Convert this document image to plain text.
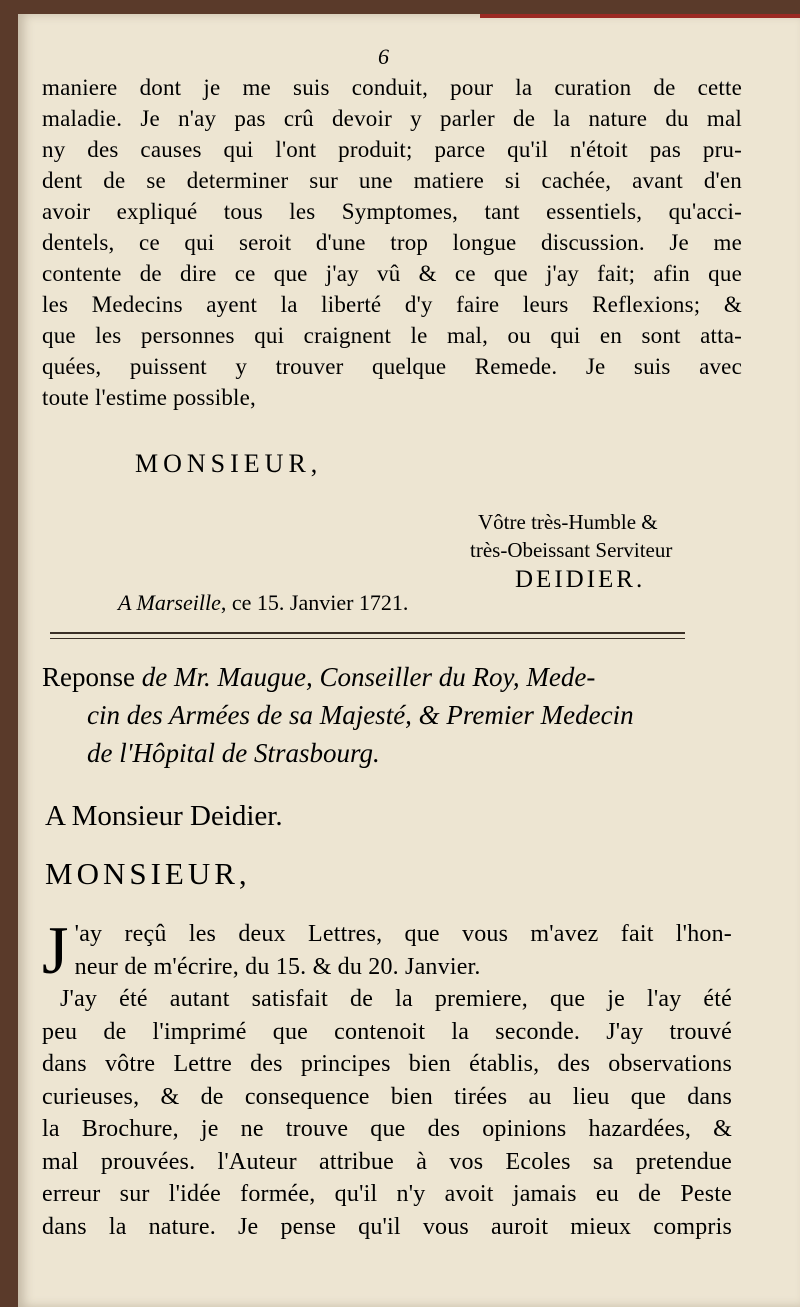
6
maniere dont je me suis conduit, pour la curation de cette
maladie. Je n'ay pas crû devoir y parler de la nature du mal
ny des causes qui l'ont produit; parce qu'il n'étoit pas pru-
dent de se determiner sur une matiere si cachée, avant d'en
avoir expliqué tous les Symptomes, tant essentiels, qu'acci-
dentels, ce qui seroit d'une trop longue discussion. Je me
contente de dire ce que j'ay vû & ce que j'ay fait; afin que
les Medecins ayent la liberté d'y faire leurs Reflexions; &
que les personnes qui craignent le mal, ou qui en sont atta-
quées, puissent y trouver quelque Remede. Je suis avec
toute l'estime possible,
MONSIEUR,
Vôtre très-Humble &
très-Obeissant Serviteur
DEIDIER.
A Marseille, ce 15. Janvier 1721.
Reponse de Mr. Maugue, Conseiller du Roy, Mede-
cin des Armées de sa Majesté, & Premier Medecin
de l'Hôpital de Strasbourg.
A Monsieur Deidier.
MONSIEUR,
J 'ay reçû les deux Lettres, que vous m'avez fait l'hon-
neur de m'écrire, du 15. & du 20. Janvier.
J'ay été autant satisfait de la premiere, que je l'ay été
peu de l'imprimé que contenoit la seconde. J'ay trouvé
dans vôtre Lettre des principes bien établis, des observations
curieuses, & de consequence bien tirées au lieu que dans
la Brochure, je ne trouve que des opinions hazardées, &
mal prouvées. l'Auteur attribue à vos Ecoles sa pretendue
erreur sur l'idée formée, qu'il n'y avoit jamais eu de Peste
dans la nature. Je pense qu'il vous auroit mieux compris
